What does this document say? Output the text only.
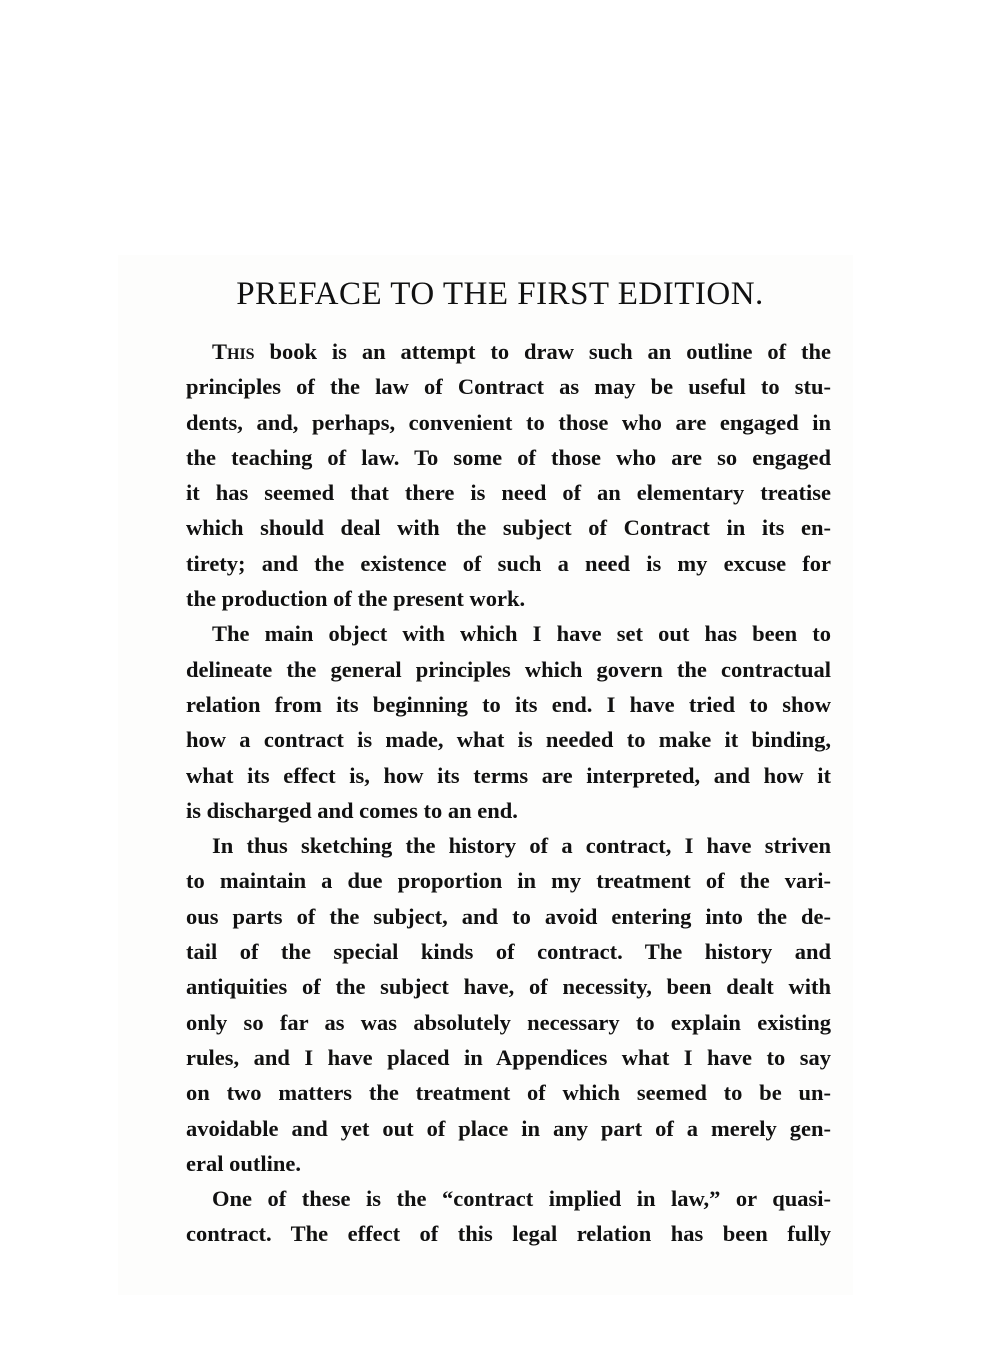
PREFACE TO THE FIRST EDITION.
This book is an attempt to draw such an outline of the
principles of the law of Contract as may be useful to stu-
dents, and, perhaps, convenient to those who are engaged in
the teaching of law. To some of those who are so engaged
it has seemed that there is need of an elementary treatise
which should deal with the subject of Contract in its en-
tirety; and the existence of such a need is my excuse for
the production of the present work.
The main object with which I have set out has been to
delineate the general principles which govern the contractual
relation from its beginning to its end. I have tried to show
how a contract is made, what is needed to make it binding,
what its effect is, how its terms are interpreted, and how it
is discharged and comes to an end.
In thus sketching the history of a contract, I have striven
to maintain a due proportion in my treatment of the vari-
ous parts of the subject, and to avoid entering into the de-
tail of the special kinds of contract. The history and
antiquities of the subject have, of necessity, been dealt with
only so far as was absolutely necessary to explain existing
rules, and I have placed in Appendices what I have to say
on two matters the treatment of which seemed to be un-
avoidable and yet out of place in any part of a merely gen-
eral outline.
One of these is the “contract implied in law,” or quasi-
contract. The effect of this legal relation has been fully
